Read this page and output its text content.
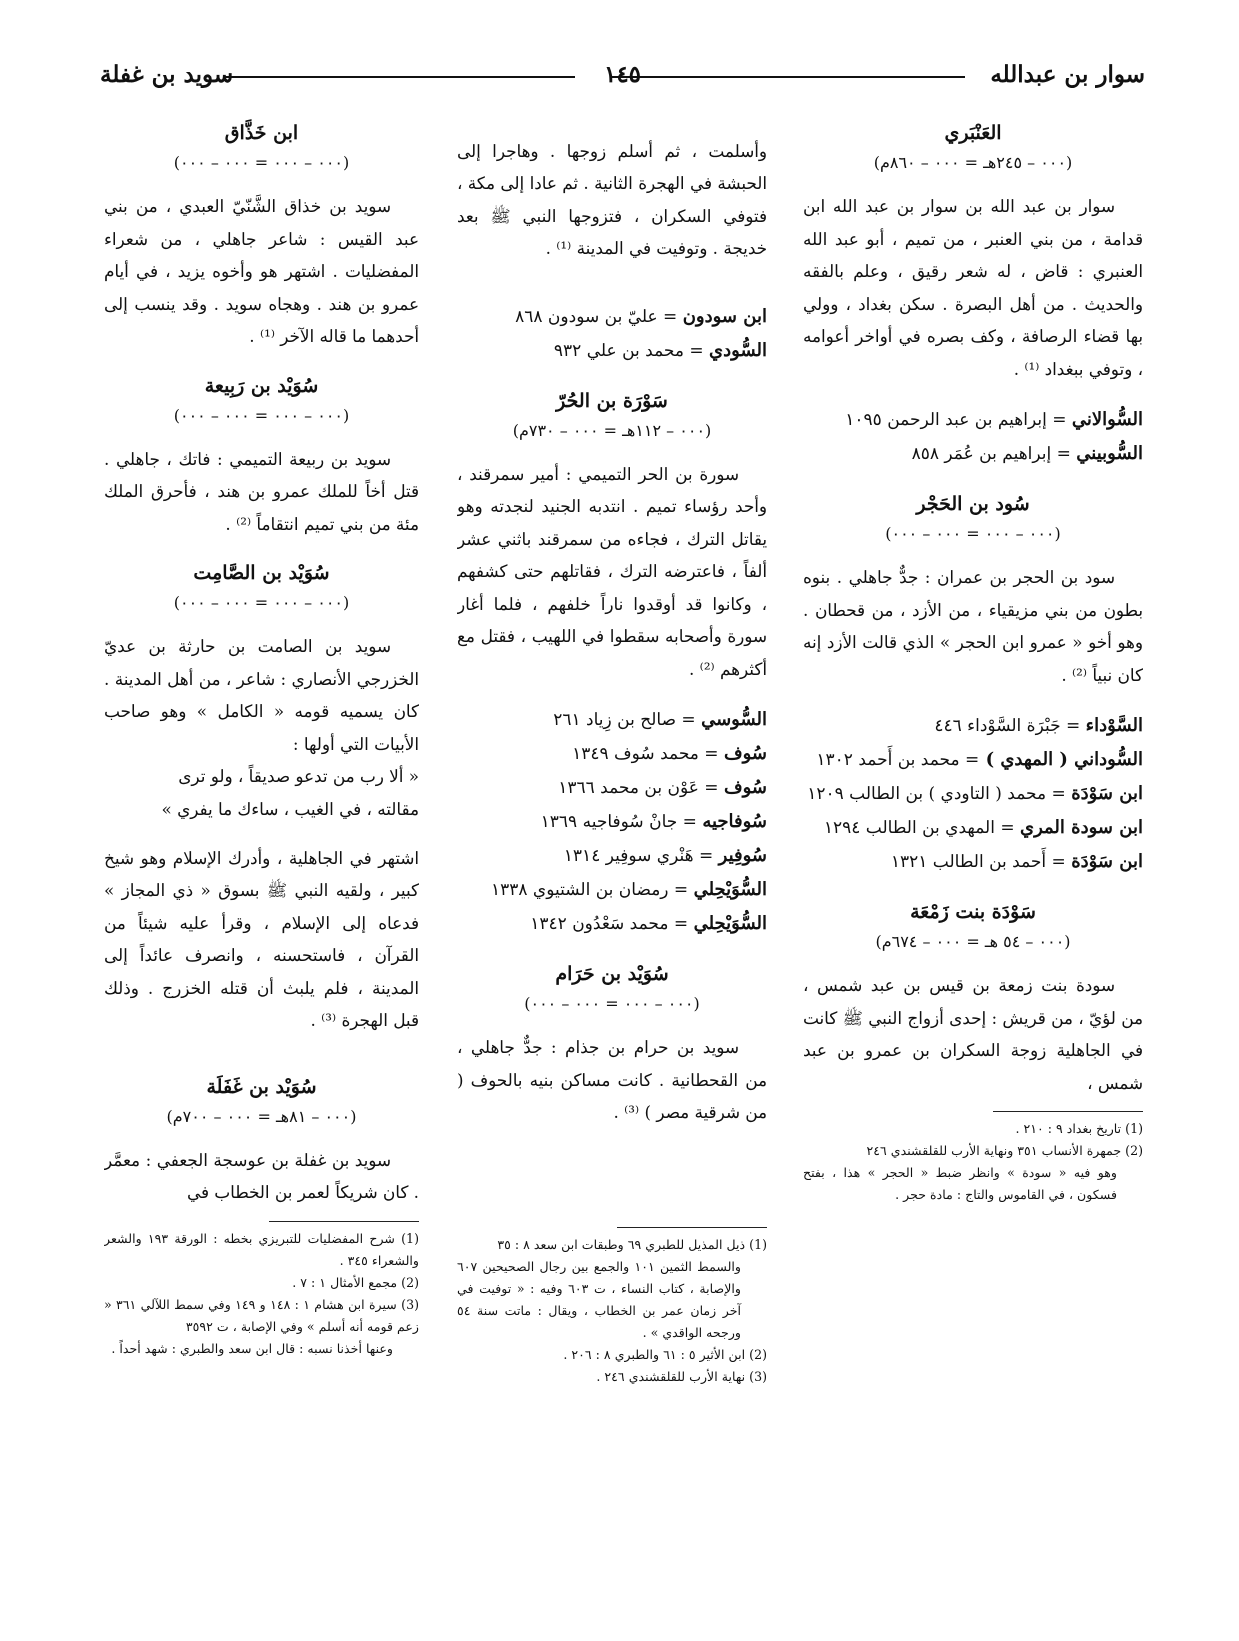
سوار بن عبدالله
١٤٥
سويد بن غفلة
العَنْبَري
(٠٠٠ – ٢٤٥هـ = ٠٠٠ – ٨٦٠م)

سوار بن عبد الله بن سوار بن عبد الله ابن قدامة ، من بني العنبر ، من تميم ، أبو عبد الله العنبري : قاض ، له شعر رقيق ، وعلم بالفقه والحديث . من أهل البصرة . سكن بغداد ، وولي بها قضاء الرصافة ، وكف بصره في أواخر أعوامه ، وتوفي ببغداد ⁽¹⁾ .

السُّوالاني = إبراهيم بن عبد الرحمن ١٠٩٥
السُّوبيني = إبراهيم بن عُمَر ٨٥٨
سُود بن الحَجْر
(٠٠٠ – ٠٠٠ = ٠٠٠ – ٠٠٠)

سود بن الحجر بن عمران : جدٌّ جاهلي . بنوه بطون من بني مزيقياء ، من الأزد ، من قحطان . وهو أخو « عمرو ابن الحجر » الذي قالت الأزد إنه كان نبياً ⁽²⁾ .

السَّوْداء = جَبْرَة السَّوْداء ٤٤٦
السُّوداني ( المهدي ) = محمد بن أَحمد ١٣٠٢
ابن سَوْدَة = محمد ( التاودي ) بن الطالب ١٢٠٩
ابن سودة المري = المهدي بن الطالب ١٢٩٤
ابن سَوْدَة = أَحمد بن الطالب ١٣٢١
سَوْدَة بنت زَمْعَة
(٠٠٠ – ٥٤ هـ = ٠٠٠ – ٦٧٤م)

سودة بنت زمعة بن قيس بن عبد شمس ، من لؤيّ ، من قريش : إحدى أزواج النبي ﷺ كانت في الجاهلية زوجة السكران بن عمرو بن عبد شمس ،

(1) تاريخ بغداد ٩ : ٢١٠ .

(2) جمهرة الأنساب ٣٥١ ونهاية الأرب للقلقشندي ٢٤٦

وهو فيه « سودة » وانظر ضبط « الحجر » هذا ، بفتح فسكون ، في القاموس والتاج : مادة حجر .

وأسلمت ، ثم أسلم زوجها . وهاجرا إلى الحبشة في الهجرة الثانية . ثم عادا إلى مكة ، فتوفي السكران ، فتزوجها النبي ﷺ بعد خديجة . وتوفيت في المدينة ⁽¹⁾ .

ابن سودون = عليّ بن سودون ٨٦٨
السُّودي = محمد بن علي ٩٣٢
سَوْرَة بن الحُرّ
(٠٠٠ – ١١٢هـ = ٠٠٠ – ٧٣٠م)

سورة بن الحر التميمي : أمير سمرقند ، وأحد رؤساء تميم . انتدبه الجنيد لنجدته وهو يقاتل الترك ، فجاءه من سمرقند باثني عشر ألفاً ، فاعترضه الترك ، فقاتلهم حتى كشفهم ، وكانوا قد أوقدوا ناراً خلفهم ، فلما أغار سورة وأصحابه سقطوا في اللهيب ، فقتل مع أكثرهم ⁽²⁾ .

السُّوسي = صالح بن زِياد ٢٦١
سُوف = محمد سُوف ١٣٤٩
سُوف = عَوْن بن محمد ١٣٦٦
سُوفاجيه = جانْ سُوفاجيه ١٣٦٩
سُوفِير = هَنْري سوفِير ١٣١٤
السُّوَيْحِلي = رمضان بن الشتيوي ١٣٣٨
السُّوَيْحِلي = محمد سَعْدُون ١٣٤٢
سُوَيْد بن حَرَام
(٠٠٠ – ٠٠٠ = ٠٠٠ – ٠٠٠)

سويد بن حرام بن جذام : جدٌّ جاهلي ، من القحطانية . كانت مساكن بنيه بالحوف ( من شرقية مصر ) ⁽³⁾ .

(1) ذيل المذيل للطبري ٦٩ وطبقات ابن سعد ٨ : ٣٥

والسمط الثمين ١٠١ والجمع بين رجال الصحيحين ٦٠٧ والإصابة ، كتاب النساء ، ت ٦٠٣ وفيه : « توفيت في آخر زمان عمر بن الخطاب ، ويقال : ماتت سنة ٥٤ ورجحه الواقدي » .

(2) ابن الأثير ٥ : ٦١ والطبري ٨ : ٢٠٦ .

(3) نهاية الأرب للقلقشندي ٢٤٦ .

ابن خَذَّاق
(٠٠٠ – ٠٠٠ = ٠٠٠ – ٠٠٠)

سويد بن خذاق الشَّنّيّ العبدي ، من بني عبد القيس : شاعر جاهلي ، من شعراء المفضليات . اشتهر هو وأخوه يزيد ، في أيام عمرو بن هند . وهجاه سويد . وقد ينسب إلى أحدهما ما قاله الآخر ⁽¹⁾ .

سُوَيْد بن رَبِيعة
(٠٠٠ – ٠٠٠ = ٠٠٠ – ٠٠٠)

سويد بن ربيعة التميمي : فاتك ، جاهلي . قتل أخاً للملك عمرو بن هند ، فأحرق الملك مئة من بني تميم انتقاماً ⁽²⁾ .

سُوَيْد بن الصَّامِت
(٠٠٠ – ٠٠٠ = ٠٠٠ – ٠٠٠)

سويد بن الصامت بن حارثة بن عديّ الخزرجي الأنصاري : شاعر ، من أهل المدينة . كان يسميه قومه « الكامل » وهو صاحب الأبيات التي أولها :

« ألا رب من تدعو صديقاً ، ولو ترى
مقالته ، في الغيب ، ساءك ما يفري »

اشتهر في الجاهلية ، وأدرك الإسلام وهو شيخ كبير ، ولقيه النبي ﷺ بسوق « ذي المجاز » فدعاه إلى الإسلام ، وقرأ عليه شيئاً من القرآن ، فاستحسنه ، وانصرف عائداً إلى المدينة ، فلم يلبث أن قتله الخزرج . وذلك قبل الهجرة ⁽³⁾ .

سُوَيْد بن غَفَلَة
(٠٠٠ – ٨١هـ = ٠٠٠ – ٧٠٠م)

سويد بن غفلة بن عوسجة الجعفي : معمَّر . كان شريكاً لعمر بن الخطاب في

(1) شرح المفضليات للتبريزي بخطه : الورقة ١٩٣ والشعر والشعراء ٣٤٥ .

(2) مجمع الأمثال ١ : ٧ .

(3) سيرة ابن هشام ١ : ١٤٨ و ١٤٩ وفي سمط اللآلي ٣٦١ « زعم قومه أنه أسلم » وفي الإصابة ، ت ٣٥٩٢

وعنها أخذنا نسبه : قال ابن سعد والطبري : شهد أحداً .
